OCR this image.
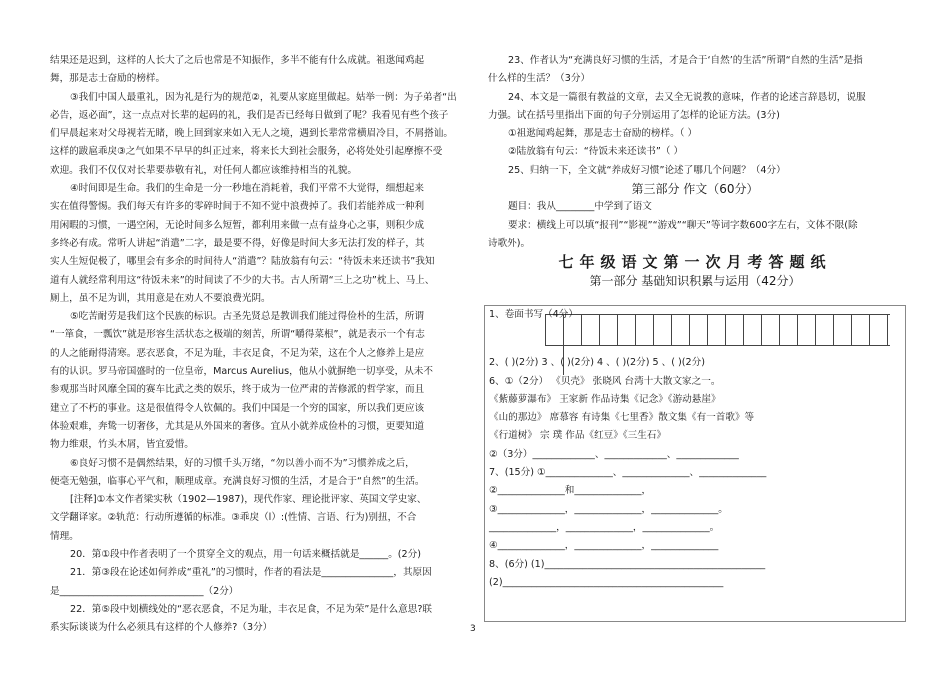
结果还是迟到，这样的人长大了之后也常是不知振作，多半不能有什么成就。祖逖闻鸡起

舞，那是志士奋励的榜样。

③我们中国人最重礼，因为礼是行为的规范②，礼要从家庭里做起。姑举一例：为子弟者“出

必告，返必面”，这一点点对长辈的起码的礼，我们是否已经每日做到了呢？我看见有些个孩子

们早晨起来对父母视若无睹，晚上回到家来如入无人之境，遇到长辈常常横眉冷目，不屑搭讪。

这样的跋扈乖戾③之气如果不早早的纠正过来，将来长大到社会服务，必将处处引起摩擦不受

欢迎。我们不仅仅对长辈要恭敬有礼，对任何人都应该维持相当的礼貌。

④时间即是生命。我们的生命是一分一秒地在消耗着，我们平常不大觉得，细想起来

实在值得警惕。我们每天有许多的零碎时间于不知不觉中浪费掉了。我们若能养成一种利

用闲暇的习惯，一遇空闲，无论时间多么短暂，都利用来做一点有益身心之事，则积少成

多终必有成。常听人讲起“消遣”二字，最是要不得，好像是时间大多无法打发的样子，其

实人生短促极了，哪里会有多余的时间待人“消遣”？陆放翁有句云：“待饭未来还读书”我知

道有人就经常利用这“待饭未来”的时间读了不少的大书。古人所谓“三上之功”枕上、马上、

厕上，虽不足为训，其用意是在劝人不要浪费光阴。

⑤吃苦耐劳是我们这个民族的标识。古圣先贤总是教训我们能过得俭朴的生活，所谓

“一箪食，一瓢饮”就是形容生活状态之极端的刻苦，所谓“嚼得菜根”，就是表示一个有志

的人之能耐得清寒。恶衣恶食，不足为耻，丰衣足食，不足为荣，这在个人之修养上是应

有的认识。罗马帝国盛时的一位皇帝，Marcus Aurelius，他从小就摒绝一切享受，从未不

参观那当时风靡全国的赛车比武之类的娱乐，终于成为一位严肃的苦修派的哲学家，而且

建立了不朽的事业。这是很值得令人钦佩的。我们中国是一个穷的国家，所以我们更应该

体验艰难，奔鸷一切奢侈，尤其是从外国来的奢侈。宜从小就养成俭朴的习惯，更要知道

物力维艰，竹头木屑，皆宜爱惜。

⑥良好习惯不是偶然结果，好的习惯千头万绪，“勿以善小而不为”习惯养成之后，

便毫无勉强，临事心平气和，顺理成章。充满良好习惯的生活，才是合于“自然”的生活。

[注释]①本文作者梁实秋（1902—1987)，现代作家、理论批评家、英国文学史家、

文学翻译家。②轨范：行动所遵循的标准。③乖戾（l）:(性情、言语、行为)别扭，不合

情理。

20．第①段中作者表明了一个贯穿全文的观点，用一句话来概括就是______。(2分)

21．第③段在论述如何养成“重礼”的习惯时，作者的看法是_______________，其原因

是______________________________（2分）

22．第⑤段中划横线处的“恶衣恶食，不足为耻，丰衣足食，不足为荣”是什么意思?联

系实际谈谈为什么必须具有这样的个人修养?（3分）

23、作者认为“充满良好习惯的生活，才是合于‘自然’的生活”所谓“自然的生活”是指

什么样的生活？（3分）

24、本文是一篇很有教益的文章，去又全无说教的意味，作者的论述言辞恳切，说服

力强。试在括号里指出下面的句子分别运用了怎样的论证方法。(3分)

①祖逖闻鸡起舞，那是志士奋励的榜样。（ ）

②陆放翁有句云：“待饭未来还读书”（ ）

25、归纳一下，全文就“养成好习惯”论述了哪几个问题？（4分）

第三部分 作文（60分）

题目：我从________中学到了语文

要求：横线上可以填“报刊”“影视”“游戏”“聊天”等词字数600字左右，文体不限(除

诗歌外)。

七年级语文第一次月考答题纸

第一部分 基础知识积累与运用（42分）

1、卷面书写（4分）

2、( )(2分) 3 、( )(2分) 4 、( )(2分) 5 、( )(2分)

6、①（2分） 《贝壳》 张晓风 台湾十大散文家之一。

《紫藤萝瀑布》 王家新 作品诗集《记念》《游动悬崖》

《山的那边》 席慕容 有诗集《七里香》散文集《有一首歌》等

《行道树》 宗 璞 作品《红豆》《三生石》

②（3分）_____________、_____________、_____________

7、(15分) ①______________、______________、______________

②______________和______________，

③______________，______________，______________。

______________，______________，______________。

④______________，______________，______________

8、(6分) (1)______________________________________________

(2)______________________________________________

3
